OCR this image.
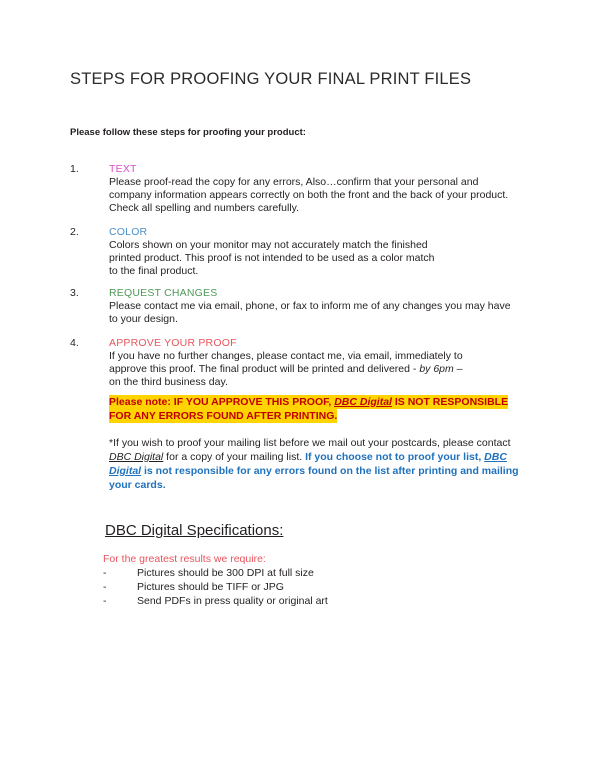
STEPS FOR PROOFING YOUR FINAL PRINT FILES
Please follow these steps for proofing your product:
1.	TEXT
Please proof-read the copy for any errors, Also…confirm that your personal and
company information appears correctly on both the front and the back of your product.
Check all spelling and numbers carefully.
2.	COLOR
Colors shown on your monitor may not accurately match the finished
printed product. This proof is not intended to be used as a color match
to the final product.
3.	REQUEST CHANGES
Please contact me via email, phone, or fax to inform me of any changes you may have
to your design.
4.	APPROVE YOUR PROOF
If you have no further changes, please contact me, via email, immediately to
approve this proof. The final product will be printed and delivered - by 6pm –
on the third business day.
Please note: IF YOU APPROVE THIS PROOF, DBC Digital IS NOT RESPONSIBLE FOR ANY ERRORS FOUND AFTER PRINTING.
*If you wish to proof your mailing list before we mail out your postcards, please contact DBC Digital for a copy of your mailing list. If you choose not to proof your list, DBC Digital is not responsible for any errors found on the list after printing and mailing your cards.
DBC Digital Specifications:
For the greatest results we require:
-	Pictures should be 300 DPI at full size
-	Pictures should be TIFF or JPG
-	Send PDFs in press quality or original art
